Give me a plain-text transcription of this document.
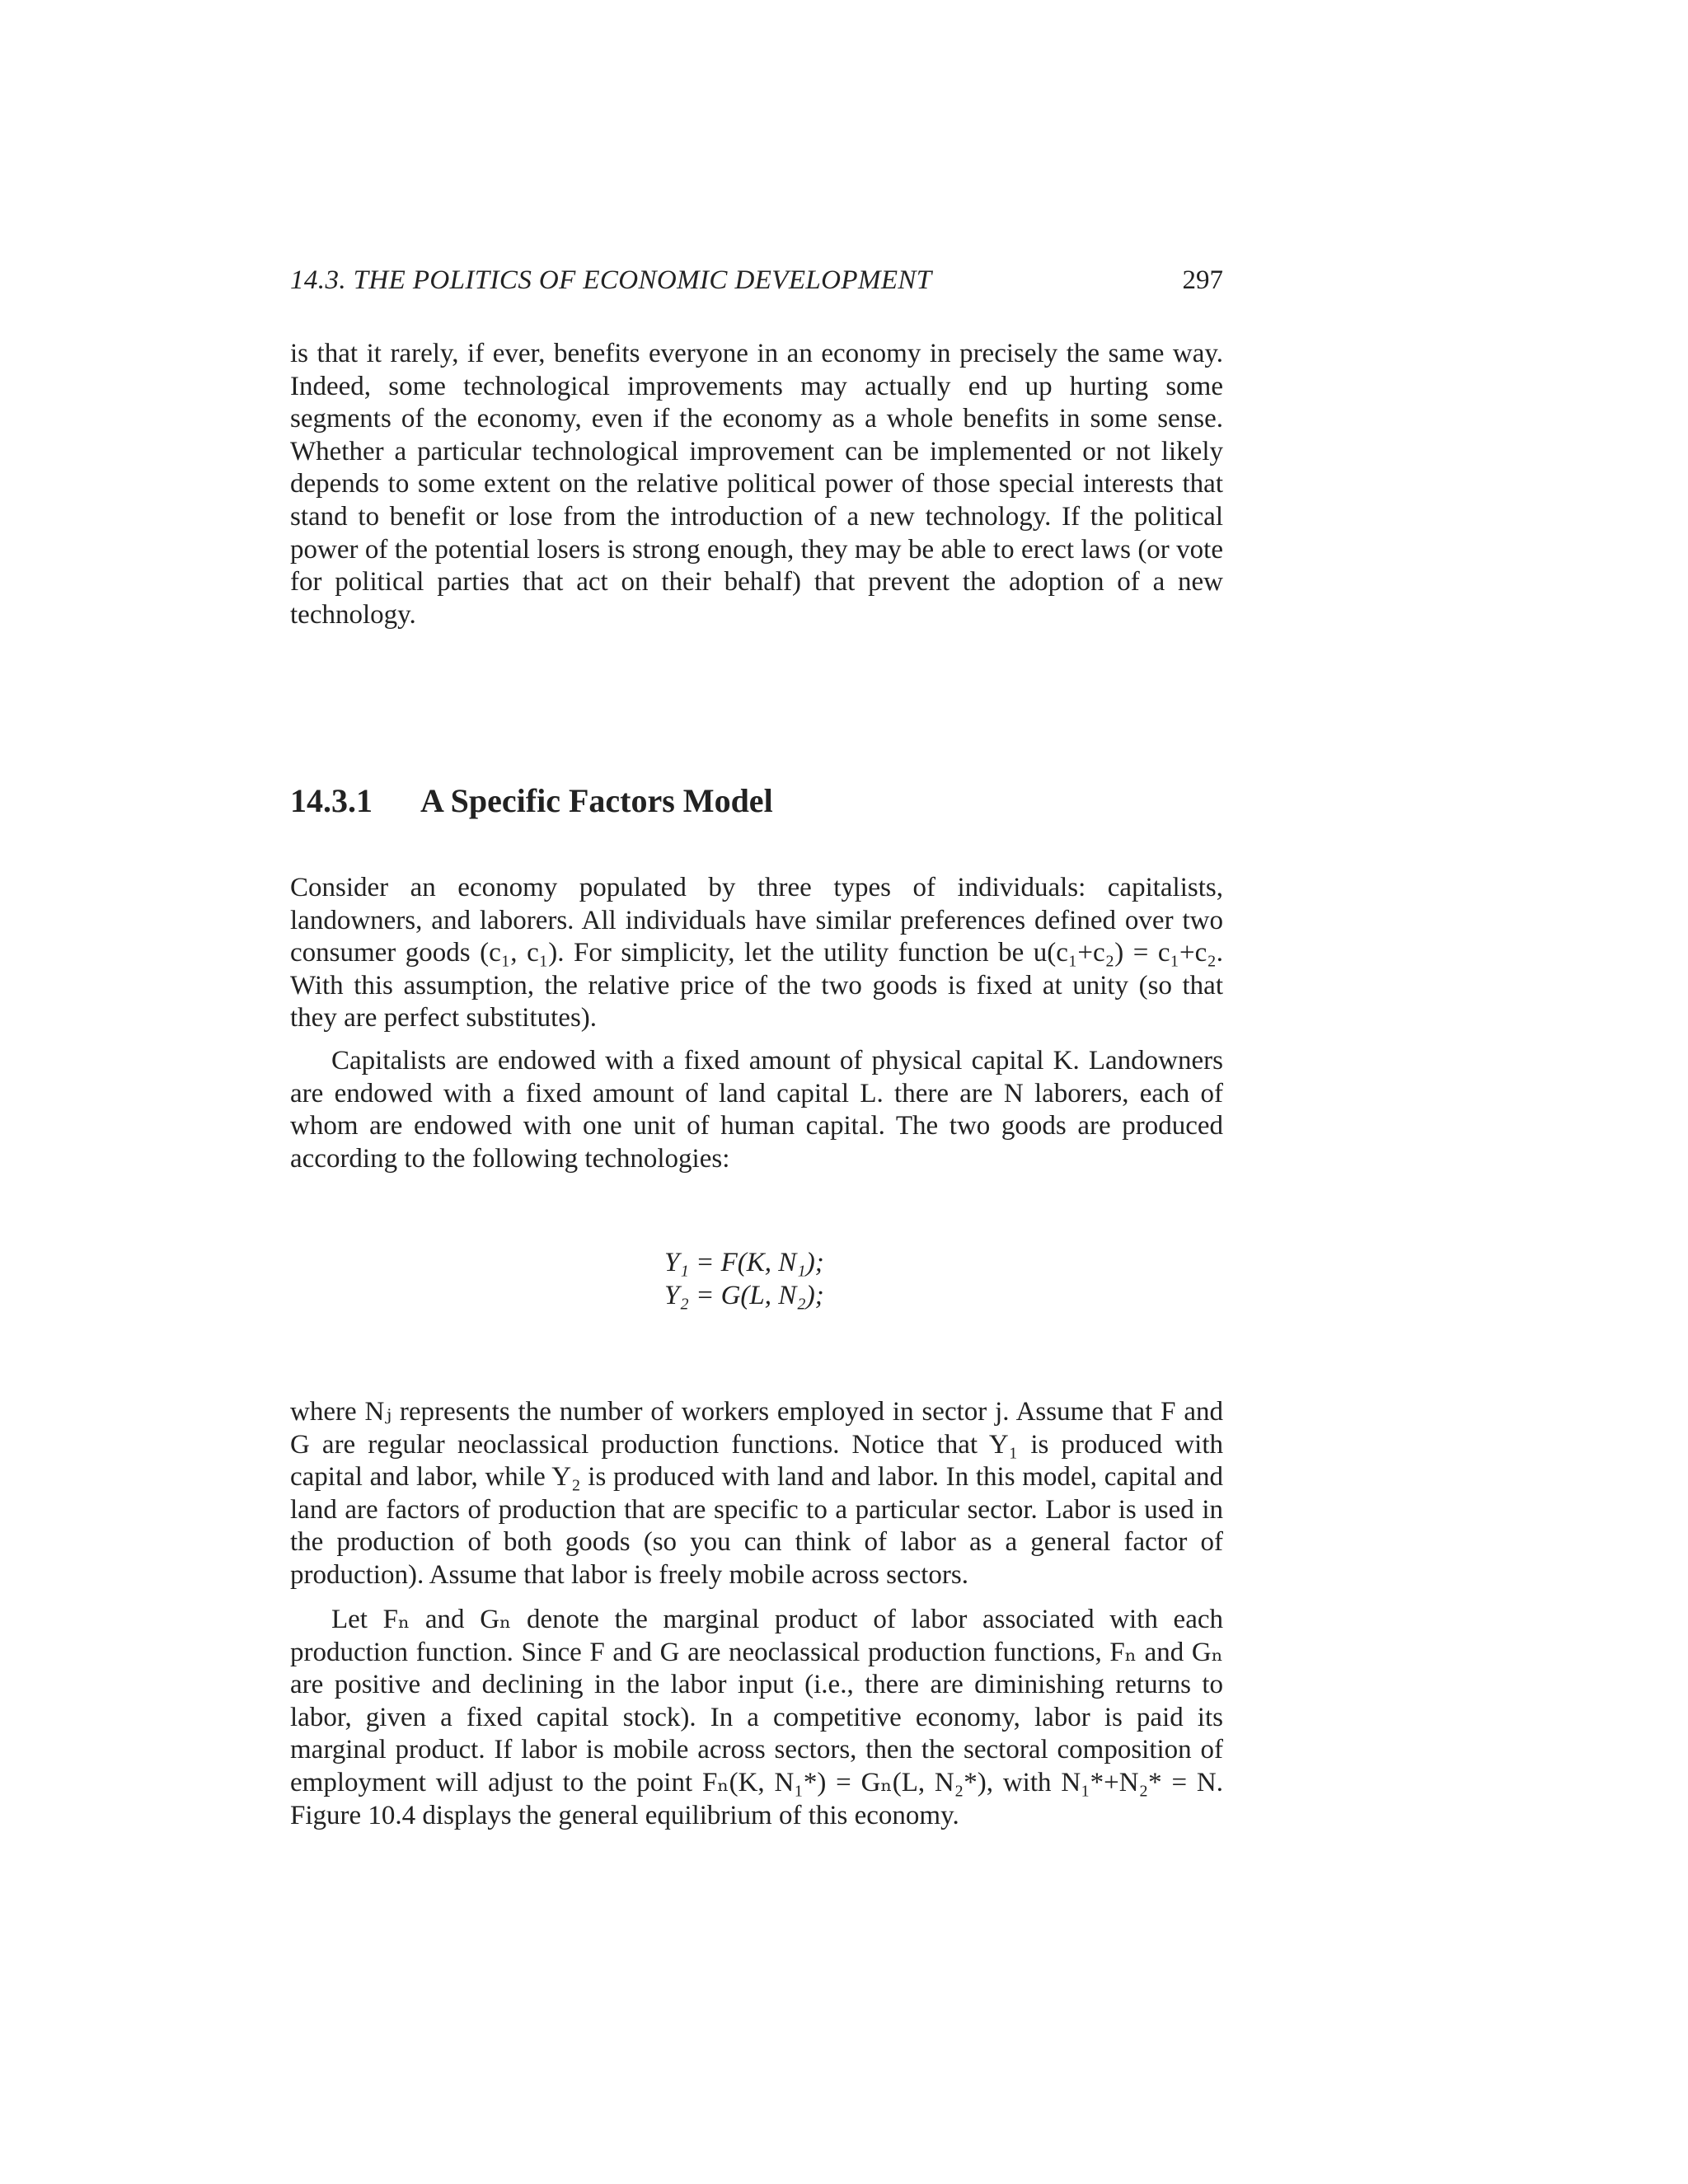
14.3. THE POLITICS OF ECONOMIC DEVELOPMENT	297

is that it rarely, if ever, benefits everyone in an economy in precisely the same way. Indeed, some technological improvements may actually end up hurting some segments of the economy, even if the economy as a whole benefits in some sense. Whether a particular technological improvement can be implemented or not likely depends to some extent on the relative political power of those special interests that stand to benefit or lose from the introduction of a new technology. If the political power of the potential losers is strong enough, they may be able to erect laws (or vote for political parties that act on their behalf) that prevent the adoption of a new technology.

14.3.1 A Specific Factors Model

Consider an economy populated by three types of individuals: capitalists, landowners, and laborers. All individuals have similar preferences defined over two consumer goods (c₁, c₁). For simplicity, let the utility function be u(c₁+c₂) = c₁+c₂. With this assumption, the relative price of the two goods is fixed at unity (so that they are perfect substitutes).

Capitalists are endowed with a fixed amount of physical capital K. Landowners are endowed with a fixed amount of land capital L. there are N laborers, each of whom are endowed with one unit of human capital. The two goods are produced according to the following technologies:

Y₁ = F(K, N₁);
Y₂ = G(L, N₂);

where Nⱼ represents the number of workers employed in sector j. Assume that F and G are regular neoclassical production functions. Notice that Y₁ is produced with capital and labor, while Y₂ is produced with land and labor. In this model, capital and land are factors of production that are specific to a particular sector. Labor is used in the production of both goods (so you can think of labor as a general factor of production). Assume that labor is freely mobile across sectors.

Let Fₙ and Gₙ denote the marginal product of labor associated with each production function. Since F and G are neoclassical production functions, Fₙ and Gₙ are positive and declining in the labor input (i.e., there are diminishing returns to labor, given a fixed capital stock). In a competitive economy, labor is paid its marginal product. If labor is mobile across sectors, then the sectoral composition of employment will adjust to the point Fₙ(K, N₁*) = Gₙ(L, N₂*), with N₁*+N₂* = N. Figure 10.4 displays the general equilibrium of this economy.
